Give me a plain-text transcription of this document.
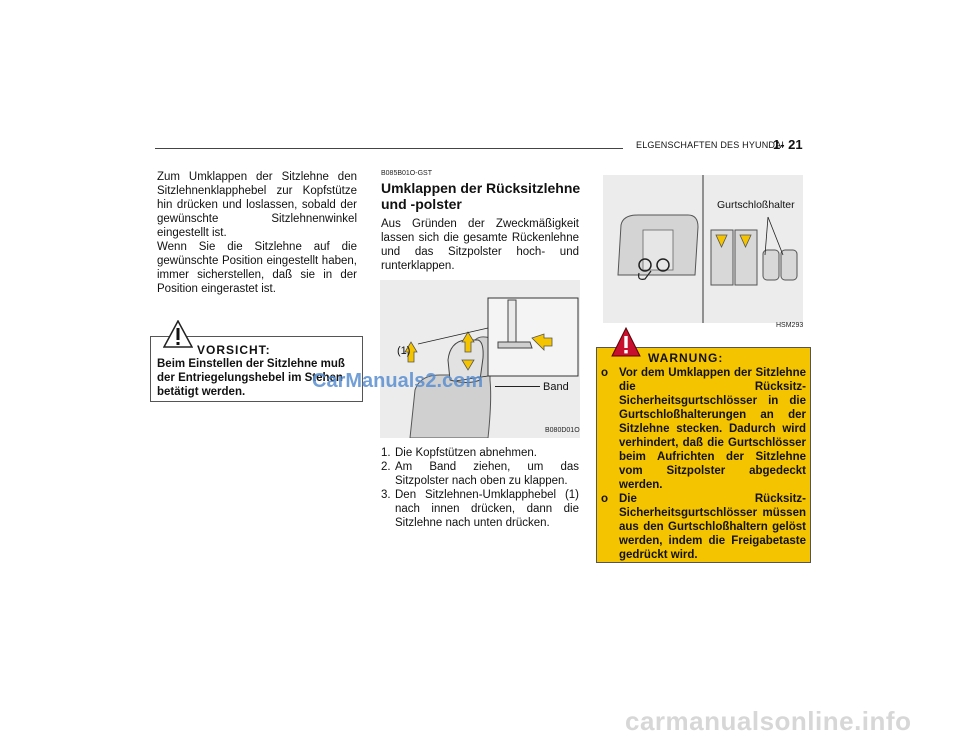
ELGENSCHAFTEN DES HYUNDAI
1- 21

Zum Umklappen der Sitzlehne den Sitzlehnenklapphebel zur Kopfstütze hin drücken und loslassen, sobald der gewünschte Sitzlehnenwinkel eingestellt ist.

Wenn Sie die Sitzlehne auf die gewünschte Position eingestellt haben, immer sicherstellen, daß sie in der Position eingerastet ist.

VORSICHT:
Beim Einstellen der Sitzlehne muß der Entriegelungshebel im Stehen betätigt werden.
B085B01O-GST
Umklappen der Rücksitzlehne und -polster
Aus Gründen der Zweckmäßigkeit lassen sich die gesamte Rückenlehne und das Sitzpolster hoch- und runterklappen.
(1)
Band
B080D01O
1. Die Kopfstützen abnehmen.
2. Am Band ziehen, um das Sitzpolster nach oben zu klappen.
3. Den Sitzlehnen-Umklapphebel (1) nach innen drücken, dann die Sitzlehne nach unten drücken.
Gurtschloßhalter
HSM293
WARNUNG:
o Vor dem Umklappen der Sitzlehne die Rücksitz-Sicherheitsgurtschlösser in die Gurtschloßhalterungen an der Sitzlehne stecken. Dadurch wird verhindert, daß die Gurtschlösser beim Aufrichten der Sitzlehne vom Sitzpolster abgedeckt werden.
o Die Rücksitz-Sicherheitsgurtschlösser müssen aus den Gurtschloßhaltern gelöst werden, indem die Freigabetaste gedrückt wird.
CarManuals2.com
carmanualsonline.info
